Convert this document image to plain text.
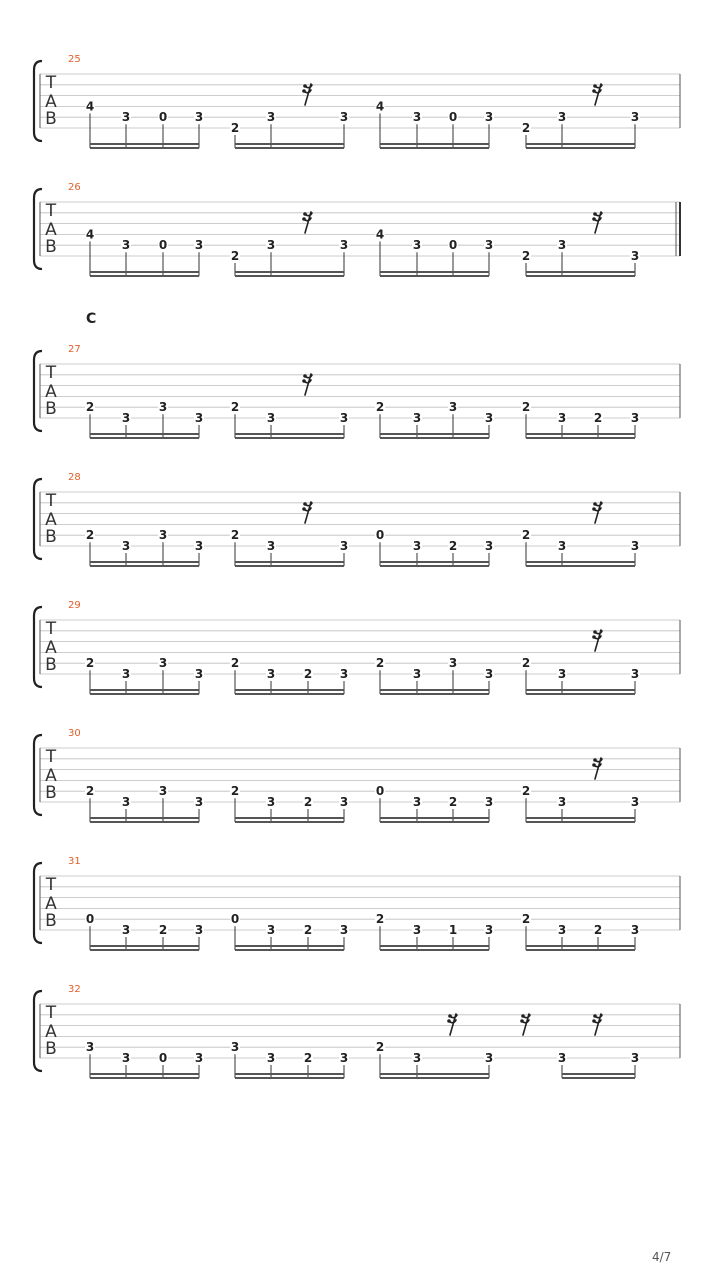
25
T
A
B
4
3 0 3
2
3	3
4
3 0 3
2
3	3
26
T
A
B
4
3 0 3
2
3	3
4
3 0 3
2
3
3
C
27
T
A
B 2
3
3
3
2
3	3
2
3
3
3
2
3 2 3
28
T
A
B 2
3
3
3
2
3	3
0
3 2 3
2
3	3
29
T
A
B 2
3
3
3
2
3 2 3
2
3
3
3
2
3	3
30
T
A
B 2
3
3
3
2
3 2 3
0
3 2 3
2
3	3
31
T
A
B 0
3 2 3
0
3 2 3
2
3 1 3
2
3 2 3
32
T
A
B 3
3 0 3
3
3 2 3
2
3	3	3	3
4/7
